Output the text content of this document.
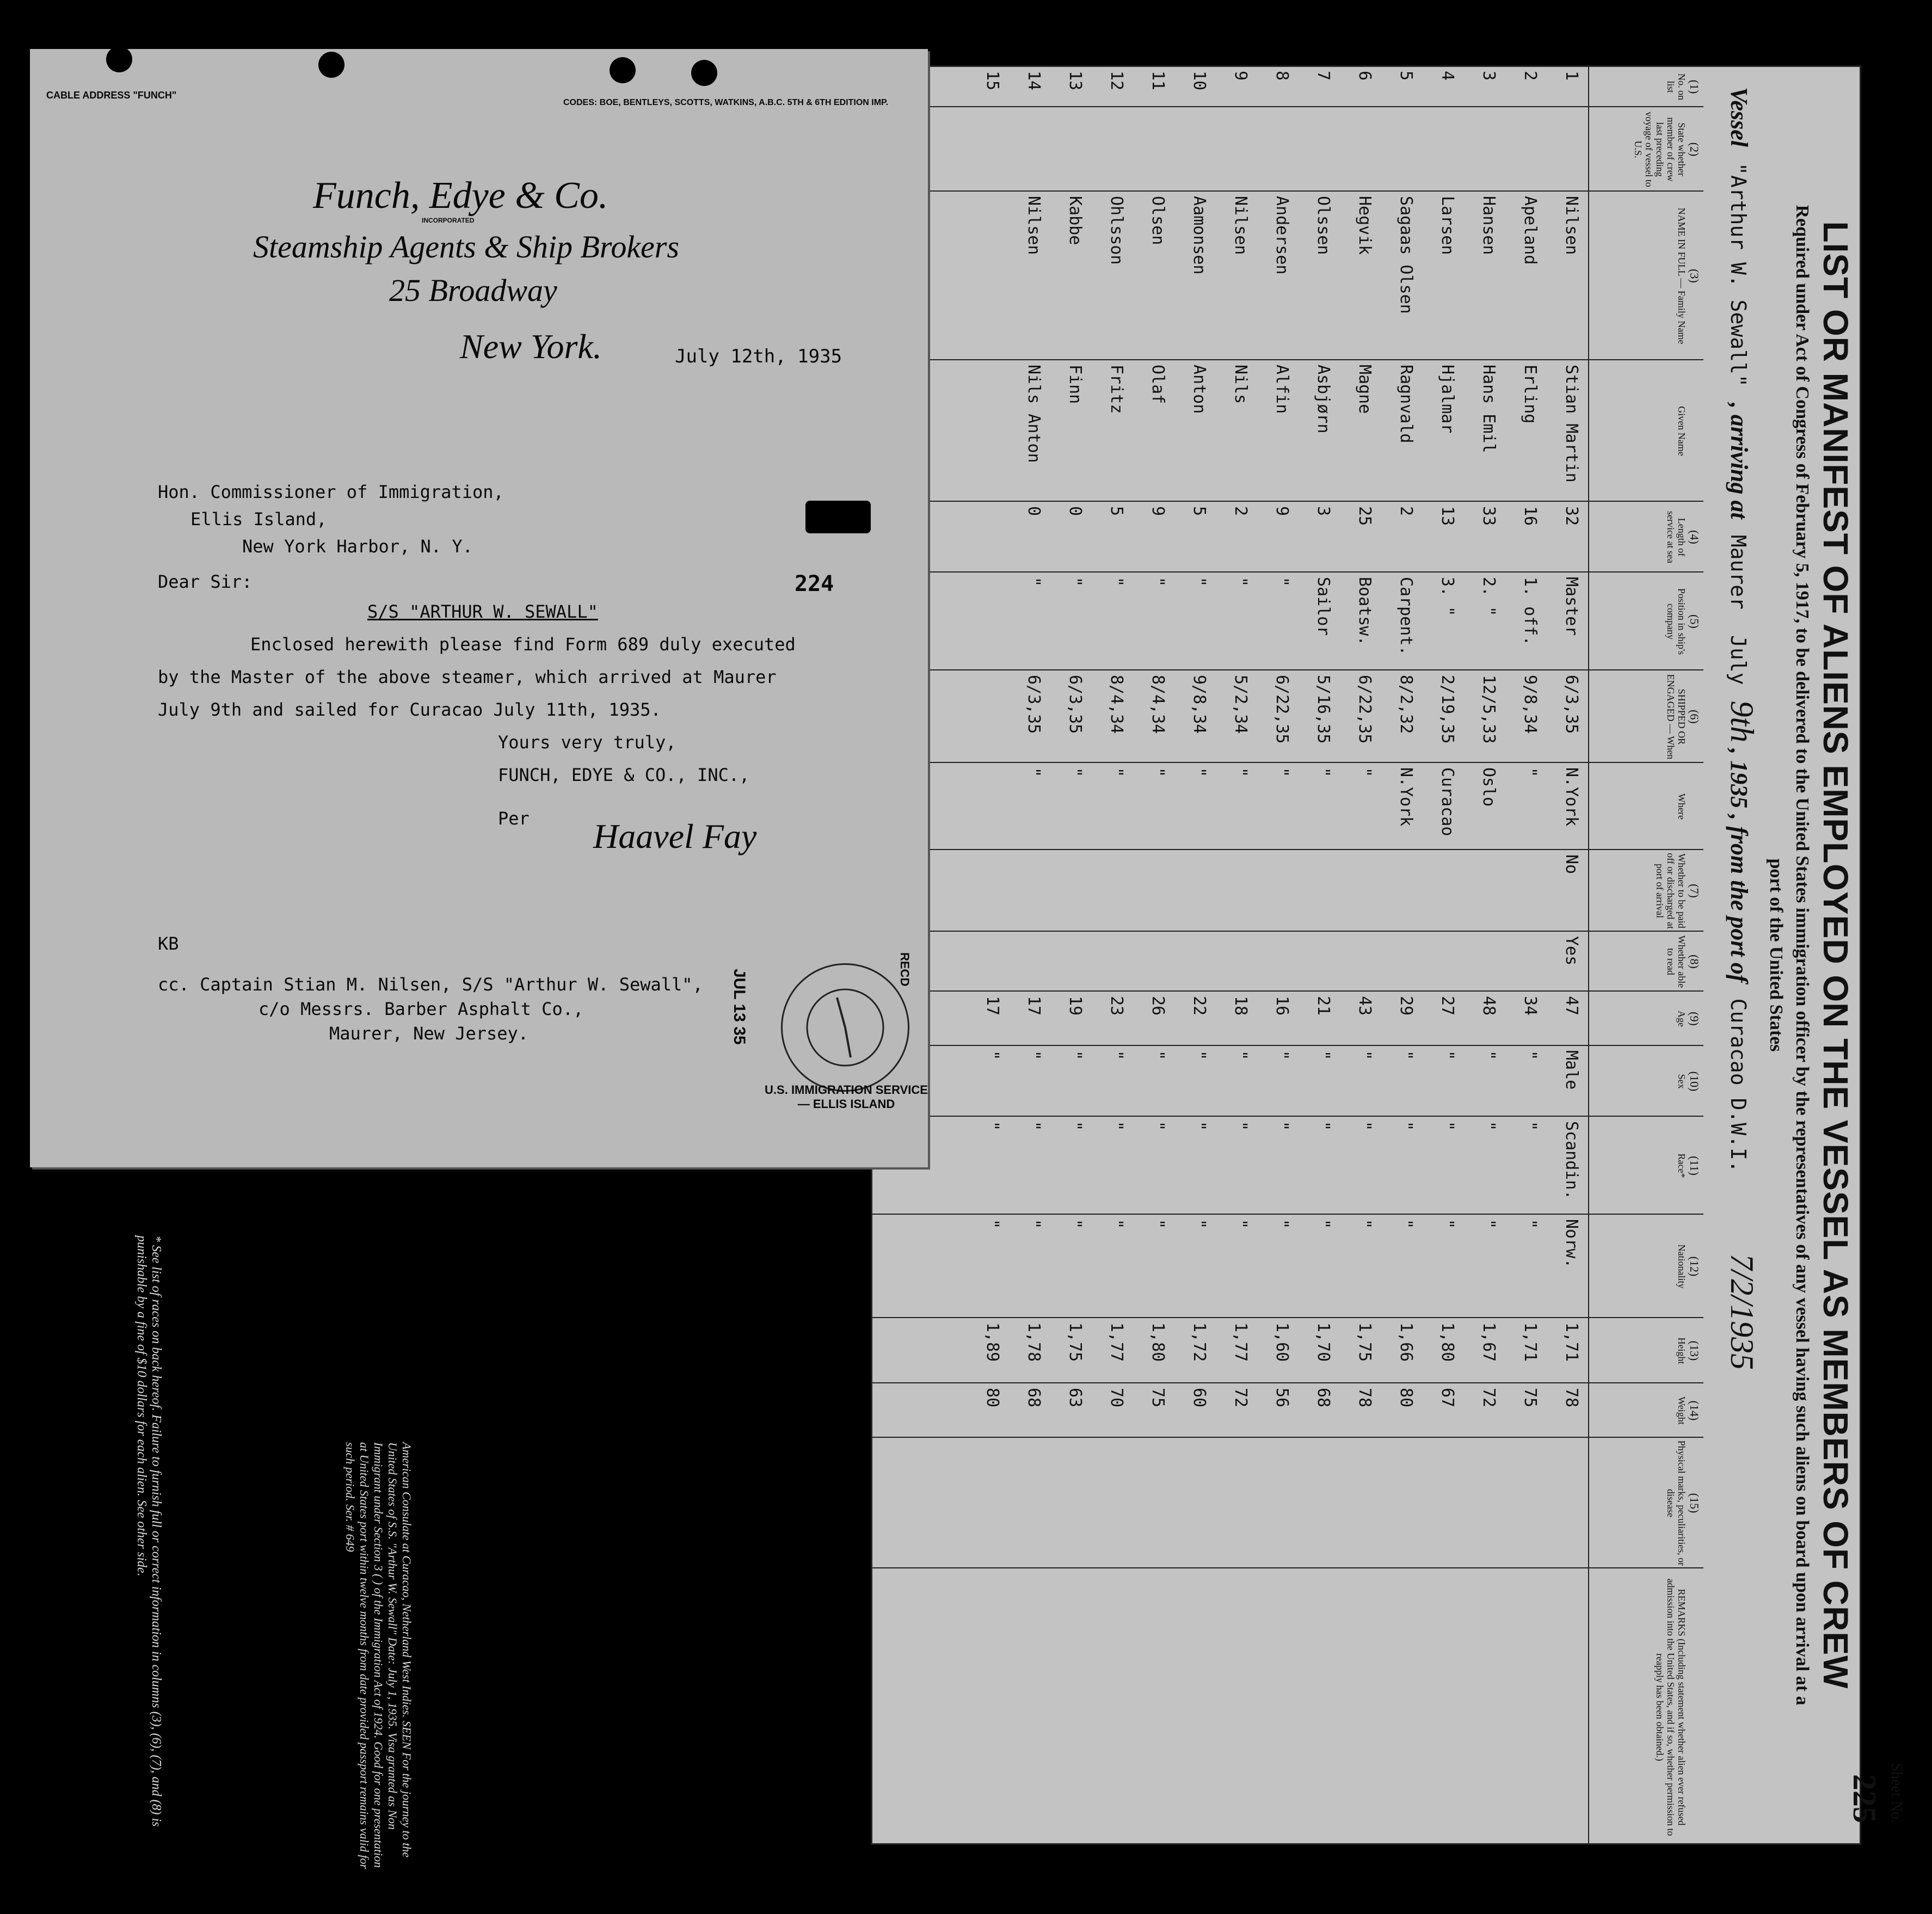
Sheet No.
225
LIST OR MANIFEST OF ALIENS EMPLOYED ON THE VESSEL AS MEMBERS OF CREW
Required under Act of Congress of February 5, 1917, to be delivered to the United States immigration officer by the representatives of any vessel having such aliens on board upon arrival at a
port of the United States
Vessel "Arthur W. Sewall" , arriving at Maurer July 9th , 1935 , from the port of Curacao D.W.I. 7/2/1935
(1)
No. on list
(2)
State whether member of crew last preceding voyage of vessel to U.S.
(3)
NAME IN FULL — Family Name
Given Name
(4)
Length of service at sea
(5)
Position in ship's company
(6)
SHIPPED OR ENGAGED — When
Where
(7)
Whether to be paid off or discharged at port of arrival
(8)
Whether able to read
(9)
Age
(10)
Sex
(11)
Race*
(12)
Nationality
(13)
Height
(14)
Weight
(15)
Physical marks, peculiarities, or disease
REMARKS (Including statement whether alien ever refused admission into the United States, and if so, whether permission to reapply has been obtained.)
1
Nilsen
Stian Martin
32
Master
6/3,35
N.York
No
Yes
47
Male
Scandin.
Norw.
1,71
78
2
Apeland
Erling
16
1. off.
9/8,34
"
34
"
"
"
1,71
75
3
Hansen
Hans Emil
33
2. "
12/5,33
Oslo
48
"
"
"
1,67
72
4
Larsen
Hjalmar
13
3. "
2/19,35
Curacao
27
"
"
"
1,80
67
5
Sagaas Olsen
Ragnvald
2
Carpent.
8/2,32
N.York
29
"
"
"
1,66
80
6
Hegvik
Magne
25
Boatsw.
6/22,35
"
43
"
"
"
1,75
78
7
Olssen
Asbjørn
3
Sailor
5/16,35
"
21
"
"
"
1,70
68
8
Andersen
Alfin
9
"
6/22,35
"
16
"
"
"
1,60
56
9
Nilsen
Nils
2
"
5/2,34
"
18
"
"
"
1,77
72
10
Aamonsen
Anton
5
"
9/8,34
"
22
"
"
"
1,72
60
11
Olsen
Olaf
9
"
8/4,34
"
26
"
"
"
1,80
75
12
Ohlsson
Fritz
5
"
8/4,34
"
23
"
"
"
1,77
70
13
Kabbe
Finn
0
"
6/3,35
"
19
"
"
"
1,75
63
14
Nilsen
Nils Anton
0
"
6/3,35
"
17
"
"
"
1,78
68
15
17
"
"
"
1,89
80
CABLE ADDRESS "FUNCH"
CODES: BOE, BENTLEYS, SCOTTS, WATKINS, A.B.C. 5TH & 6TH EDITION IMP.
Funch, Edye & Co.
INCORPORATED
Steamship Agents & Ship Brokers
25 Broadway
New York.	July 12th, 1935
Hon. Commissioner of Immigration,
Ellis Island,
New York Harbor, N. Y.
Dear Sir:
S/S "ARTHUR W. SEWALL"
224
Enclosed herewith please find Form 689 duly executed
by the Master of the above steamer, which arrived at Maurer
July 9th and sailed for Curacao July 11th, 1935.
Yours very truly,
FUNCH, EDYE & CO., INC.,
Per Haavel Fay
KB
cc. Captain Stian M. Nilsen, S/S "Arthur W. Sewall",
c/o Messrs. Barber Asphalt Co.,
Maurer, New Jersey.
U.S. IMMIGRATION SERVICE — ELLIS ISLAND
RECD
JUL 13 35
* See list of races on back hereof. Failure to furnish full or correct information in columns (3), (6), (7), and (8) is punishable by a fine of $10 dollars for each alien. See other side.
American Consulate at Curacao, Netherland West Indies. SEEN For the journey to the United States of S.S. "Arthur W. Sewall" Date: July 1, 1935. Visa granted as Non Immigrant under Section 3 ( ) of the Immigration Act of 1924. Good for one presentation at United States port within twelve months from date provided passport remains valid for such period. Ser. # 649
